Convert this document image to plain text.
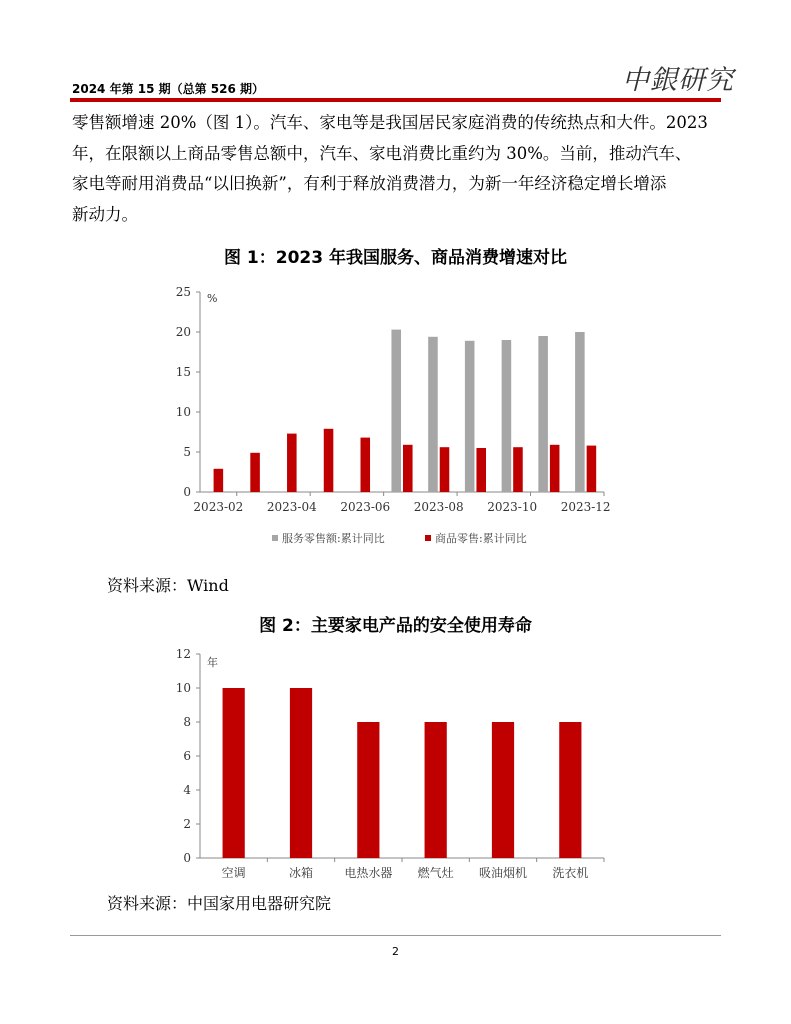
2024 年第 15 期（总第 526 期）	中銀研究
零售额增速 20%（图 1）。汽车、家电等是我国居民家庭消费的传统热点和大件。2023
年，在限额以上商品零售总额中，汽车、家电消费比重约为 30%。当前，推动汽车、
家电等耐用消费品“以旧换新”，有利于释放消费潜力，为新一年经济稳定增长增添
新动力。
图 1：2023 年我国服务、商品消费增速对比
0
5
10
15
20
25 %
2023-02 2023-04 2023-06 2023-08 2023-10 2023-12
服务零售额:累计同比	商品零售:累计同比
资料来源：Wind
图 2：主要家电产品的安全使用寿命
0
2
4
6
8
10
12
年
空调	冰箱	电热水器 燃气灶 吸油烟机 洗衣机
资料来源：中国家用电器研究院
2
